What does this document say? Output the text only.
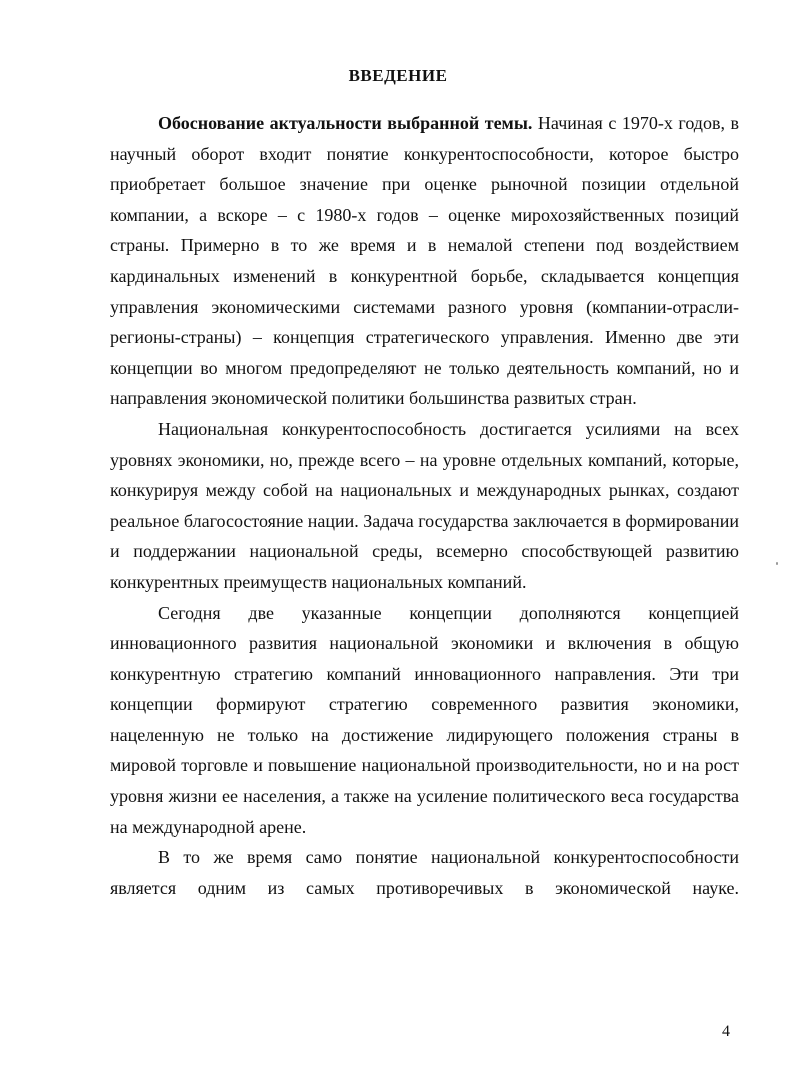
ВВЕДЕНИЕ

Обоснование актуальности выбранной темы. Начиная с 1970-х годов, в научный оборот входит понятие конкурентоспособности, которое быстро приобретает большое значение при оценке рыночной позиции отдельной компании, а вскоре – с 1980-х годов – оценке мирохозяйственных позиций страны. Примерно в то же время и в немалой степени под воздействием кардинальных изменений в конкурентной борьбе, складывается концепция управления экономическими системами разного уровня (компании-отрасли-регионы-страны) – концепция стратегического управления. Именно две эти концепции во многом предопределяют не только деятельность компаний, но и направления экономической политики большинства развитых стран.

Национальная конкурентоспособность достигается усилиями на всех уровнях экономики, но, прежде всего – на уровне отдельных компаний, которые, конкурируя между собой на национальных и международных рынках, создают реальное благосостояние нации. Задача государства заключается в формировании и поддержании национальной среды, всемерно способствующей развитию конкурентных преимуществ национальных компаний.

Сегодня две указанные концепции дополняются концепцией инновационного развития национальной экономики и включения в общую конкурентную стратегию компаний инновационного направления. Эти три концепции формируют стратегию современного развития экономики, нацеленную не только на достижение лидирующего положения страны в мировой торговле и повышение национальной производительности, но и на рост уровня жизни ее населения, а также на усиление политического веса государства на международной арене.

В то же время само понятие национальной конкурентоспособности является одним из самых противоречивых в экономической науке.

4
